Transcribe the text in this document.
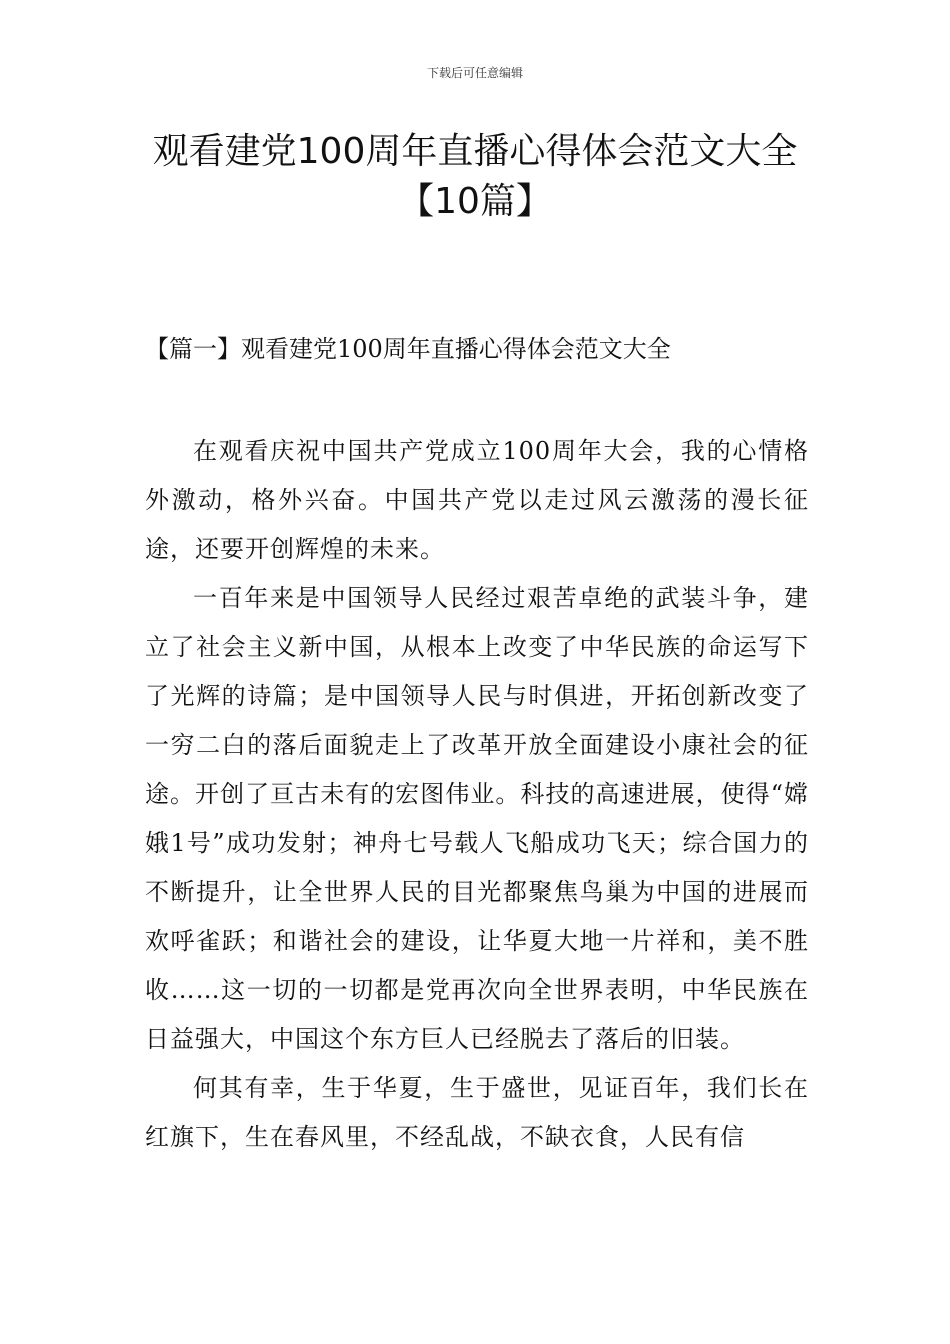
下载后可任意编辑
观看建党100周年直播心得体会范文大全
【10篇】
【篇一】观看建党100周年直播心得体会范文大全

在观看庆祝中国共产党成立100周年大会，我的心情格外激动，格外兴奋。中国共产党以走过风云激荡的漫长征途，还要开创辉煌的未来。

一百年来是中国领导人民经过艰苦卓绝的武装斗争，建立了社会主义新中国，从根本上改变了中华民族的命运写下了光辉的诗篇；是中国领导人民与时俱进，开拓创新改变了一穷二白的落后面貌走上了改革开放全面建设小康社会的征途。开创了亘古未有的宏图伟业。科技的高速进展，使得“嫦娥1号”成功发射；神舟七号载人飞船成功飞天；综合国力的不断提升，让全世界人民的目光都聚焦鸟巢为中国的进展而欢呼雀跃；和谐社会的建设，让华夏大地一片祥和，美不胜收……这一切的一切都是党再次向全世界表明，中华民族在日益强大，中国这个东方巨人已经脱去了落后的旧装。

何其有幸，生于华夏，生于盛世，见证百年，我们长在红旗下，生在春风里，不经乱战，不缺衣食，人民有信
